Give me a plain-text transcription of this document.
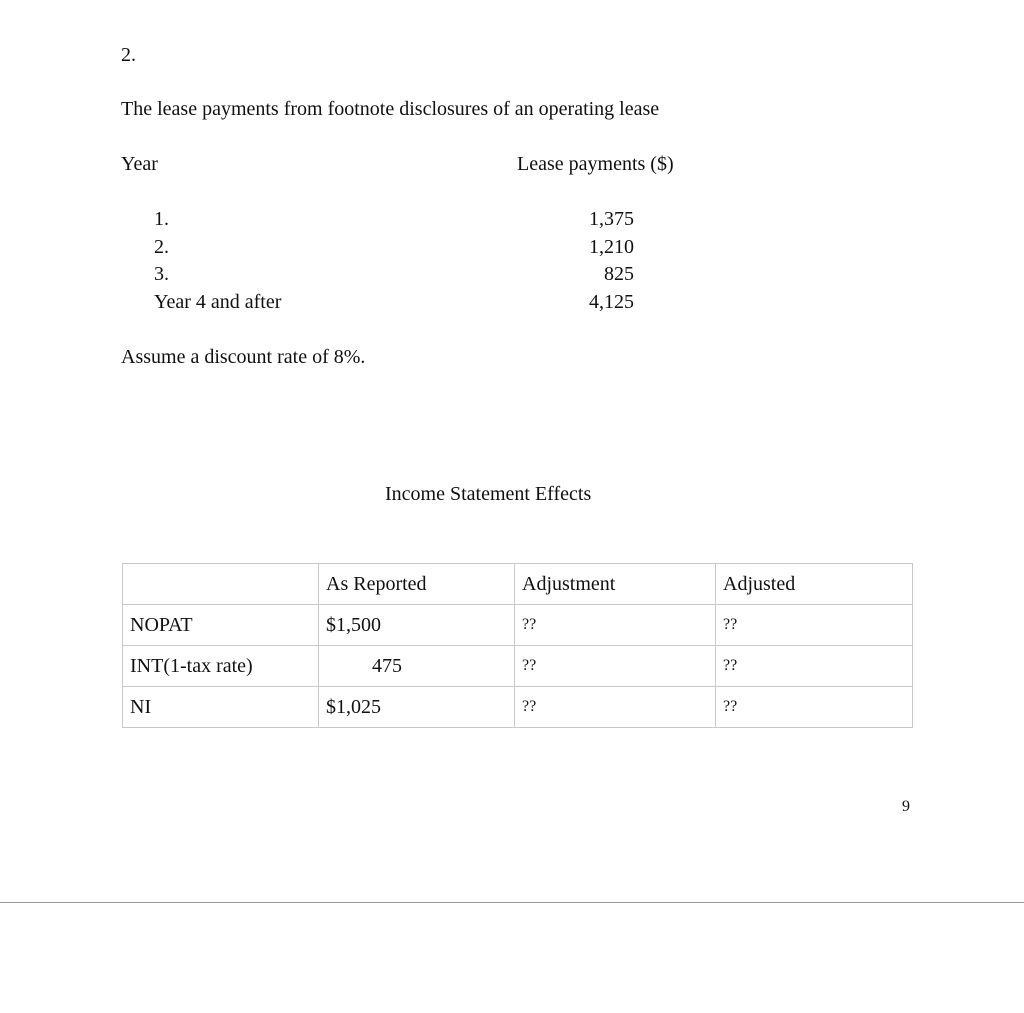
2.
The lease payments from footnote disclosures of an operating lease
Year	Lease payments ($)
1.	1,375
2.	1,210
3.	825
Year 4 and after	4,125
Assume a discount rate of 8%.
Income Statement Effects
	As Reported	Adjustment	Adjusted
NOPAT	$1,500	??	??
INT(1-tax rate)	475	??	??
NI	$1,025	??	??
9
